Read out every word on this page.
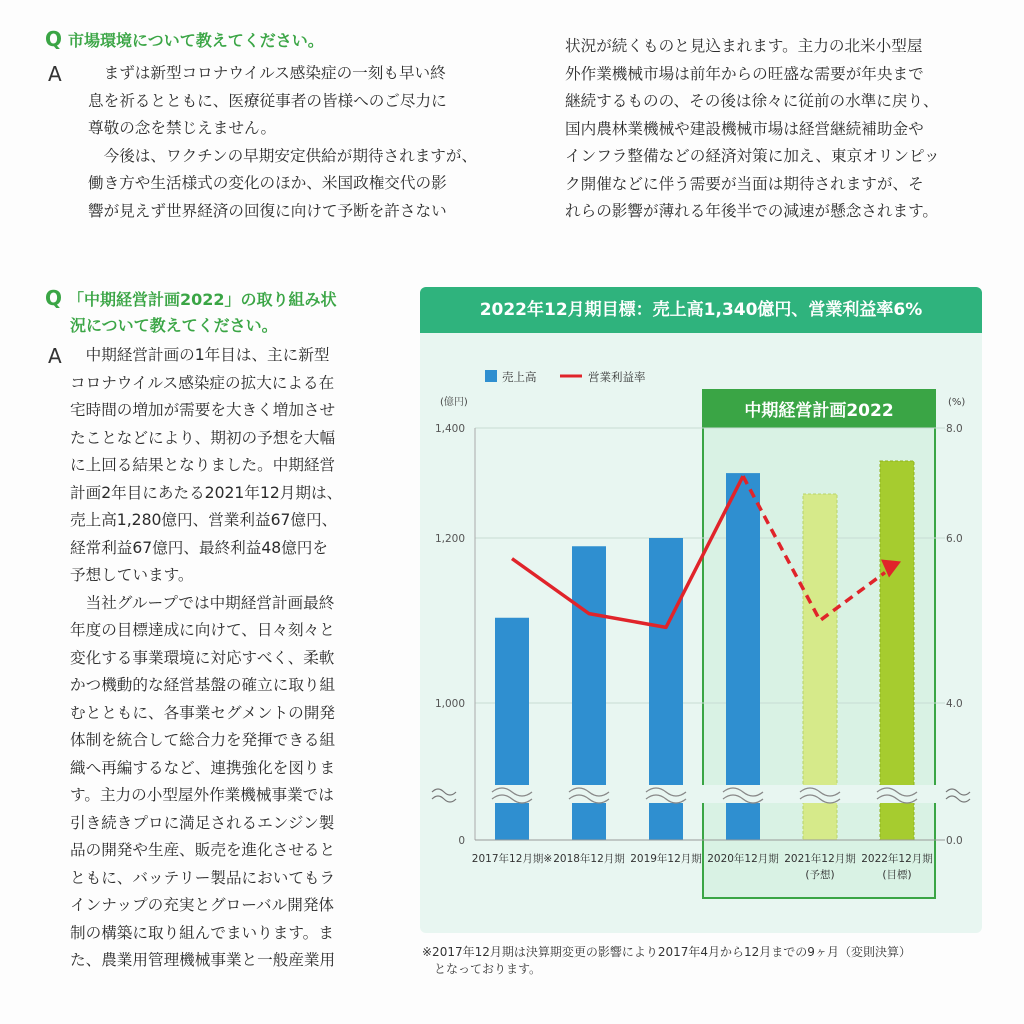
Q 市場環境について教えてください。
A 　まずは新型コロナウイルス感染症の一刻も早い終
息を祈るとともに、医療従事者の皆様へのご尽力に
尊敬の念を禁じえません。
　今後は、ワクチンの早期安定供給が期待されますが、
働き方や生活様式の変化のほか、米国政権交代の影
響が見えず世界経済の回復に向けて予断を許さない
状況が続くものと見込まれます。主力の北米小型屋
外作業機械市場は前年からの旺盛な需要が年央まで
継続するものの、その後は徐々に従前の水準に戻り、
国内農林業機械や建設機械市場は経営継続補助金や
インフラ整備などの経済対策に加え、東京オリンピッ
ク開催などに伴う需要が当面は期待されますが、そ
れらの影響が薄れる年後半での減速が懸念されます。
Q 「中期経営計画2022」の取り組み状
況について教えてください。
A 　中期経営計画の1年目は、主に新型
コロナウイルス感染症の拡大による在
宅時間の増加が需要を大きく増加させ
たことなどにより、期初の予想を大幅
に上回る結果となりました。中期経営
計画2年目にあたる2021年12月期は、
売上高1,280億円、営業利益67億円、
経常利益67億円、最終利益48億円を
予想しています。
　当社グループでは中期経営計画最終
年度の目標達成に向けて、日々刻々と
変化する事業環境に対応すべく、柔軟
かつ機動的な経営基盤の確立に取り組
むとともに、各事業セグメントの開発
体制を統合して総合力を発揮できる組
織へ再編するなど、連携強化を図りま
す。主力の小型屋外作業機械事業では
引き続きプロに満足されるエンジン製
品の開発や生産、販売を進化させると
ともに、バッテリー製品においてもラ
インナップの充実とグローバル開発体
制の構築に取り組んでまいります。ま
た、農業用管理機械事業と一般産業用
2022年12月期目標：売上高1,340億円、営業利益率6%
中期経営計画2022
(億円)	(%)
1,400
1,200
1,000
0
8.0
6.0
4.0
0.0
売上高	営業利益率
2017年12月期※ 2018年12月期 2019年12月期 2020年12月期 2021年12月期
(予想)
2022年12月期
(目標)
※2017年12月期は決算期変更の影響により2017年4月から12月までの9ヶ月（変則決算）
　となっております。
